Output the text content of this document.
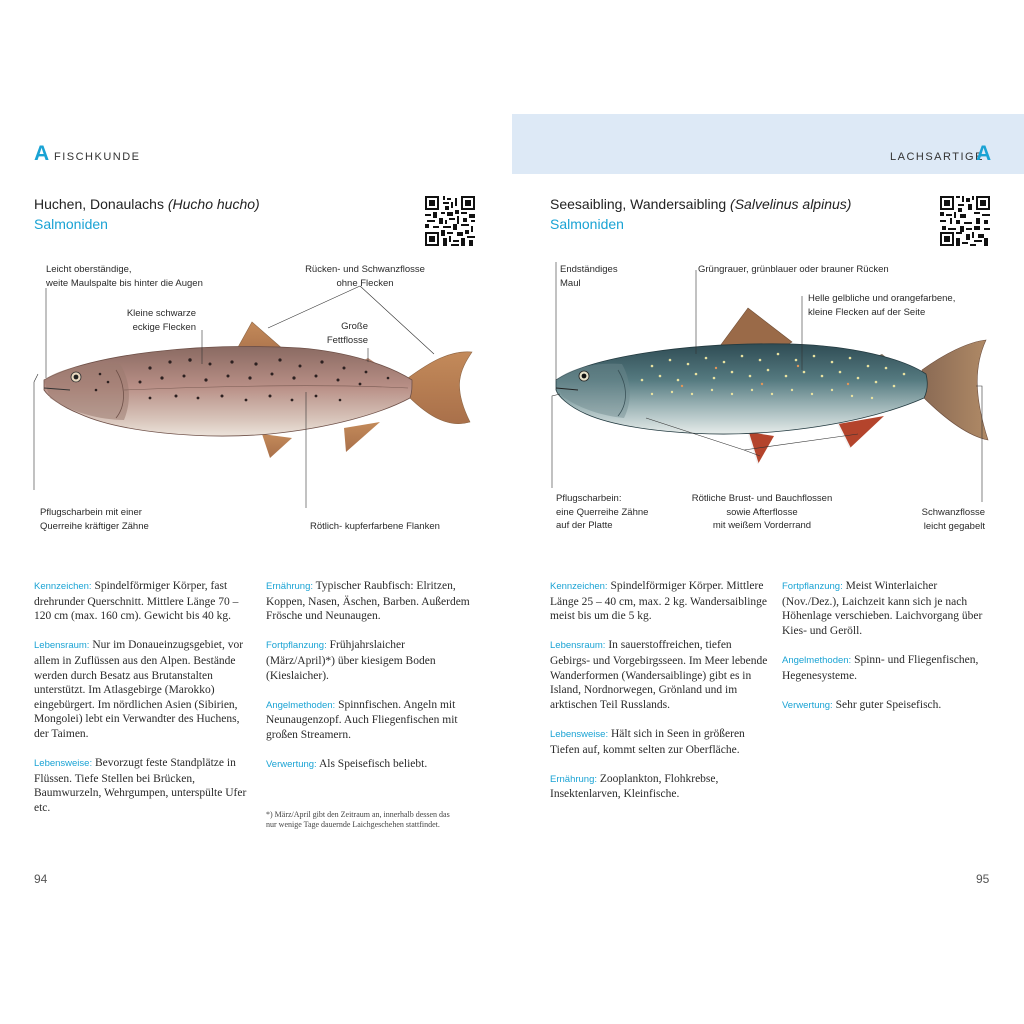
A FISCHKUNDE
Huchen, Donaulachs (Hucho hucho)
Salmoniden
Leicht oberständige,
weite Maulspalte bis hinter die Augen
Rücken- und Schwanzflosse
ohne Flecken
Kleine schwarze
eckige Flecken	Große
Fettflosse
Pflugscharbein mit einer
Querreihe kräftiger Zähne	Rötlich- kupferfarbene Flanken

Kennzeichen: Spindelförmiger Körper, fast drehrunder Querschnitt. Mittlere Länge 70 – 120 cm (max. 160 cm). Gewicht bis 40 kg.

Lebensraum: Nur im Donaueinzugsgebiet, vor allem in Zuflüssen aus den Alpen. Bestände werden durch Besatz aus Brutanstalten unterstützt. Im Atlasgebirge (Marokko) eingebürgert. Im nördlichen Asien (Sibirien, Mongolei) lebt ein Verwandter des Huchens, der Taimen.

Lebensweise: Bevorzugt feste Standplätze in Flüssen. Tiefe Stellen bei Brücken, Baumwurzeln, Wehrgumpen, unterspülte Ufer etc.

Ernährung: Typischer Raubfisch: Elritzen, Koppen, Nasen, Äschen, Barben. Außerdem Frösche und Neunaugen.

Fortpflanzung: Frühjahrslaicher (März/April)*) über kiesigem Boden (Kieslaicher).

Angelmethoden: Spinnfischen. Angeln mit Neunaugenzopf. Auch Fliegenfischen mit großen Streamern.

Verwertung: Als Speisefisch beliebt.

*) März/April gibt den Zeitraum an, innerhalb dessen das nur wenige Tage dauernde Laichgeschehen stattfindet.
94
LACHSARTIGE
A
Seesaibling, Wandersaibling (Salvelinus alpinus)
Salmoniden
Endständiges
Maul
Grüngrauer, grünblauer oder brauner Rücken
Helle gelbliche und orangefarbene,
kleine Flecken auf der Seite
Pflugscharbein:
eine Querreihe Zähne
auf der Platte
Rötliche Brust- und Bauchflossen
sowie Afterflosse
mit weißem Vorderrand
Schwanzflosse
leicht gegabelt

Kennzeichen: Spindelförmiger Körper. Mittlere Länge 25 – 40 cm, max. 2 kg. Wandersaiblinge meist bis um die 5 kg.

Lebensraum: In sauerstoffreichen, tiefen Gebirgs- und Vorgebirgsseen. Im Meer lebende Wanderformen (Wandersaiblinge) gibt es in Island, Nordnorwegen, Grönland und im arktischen Teil Russlands.

Lebensweise: Hält sich in Seen in größeren Tiefen auf, kommt selten zur Oberfläche.

Ernährung: Zooplankton, Flohkrebse, Insektenlarven, Kleinfische.

Fortpflanzung: Meist Winterlaicher (Nov./Dez.), Laichzeit kann sich je nach Höhenlage verschieben. Laichvorgang über Kies- und Geröll.

Angelmethoden: Spinn- und Fliegenfischen, Hegenesysteme.

Verwertung: Sehr guter Speisefisch.

95
